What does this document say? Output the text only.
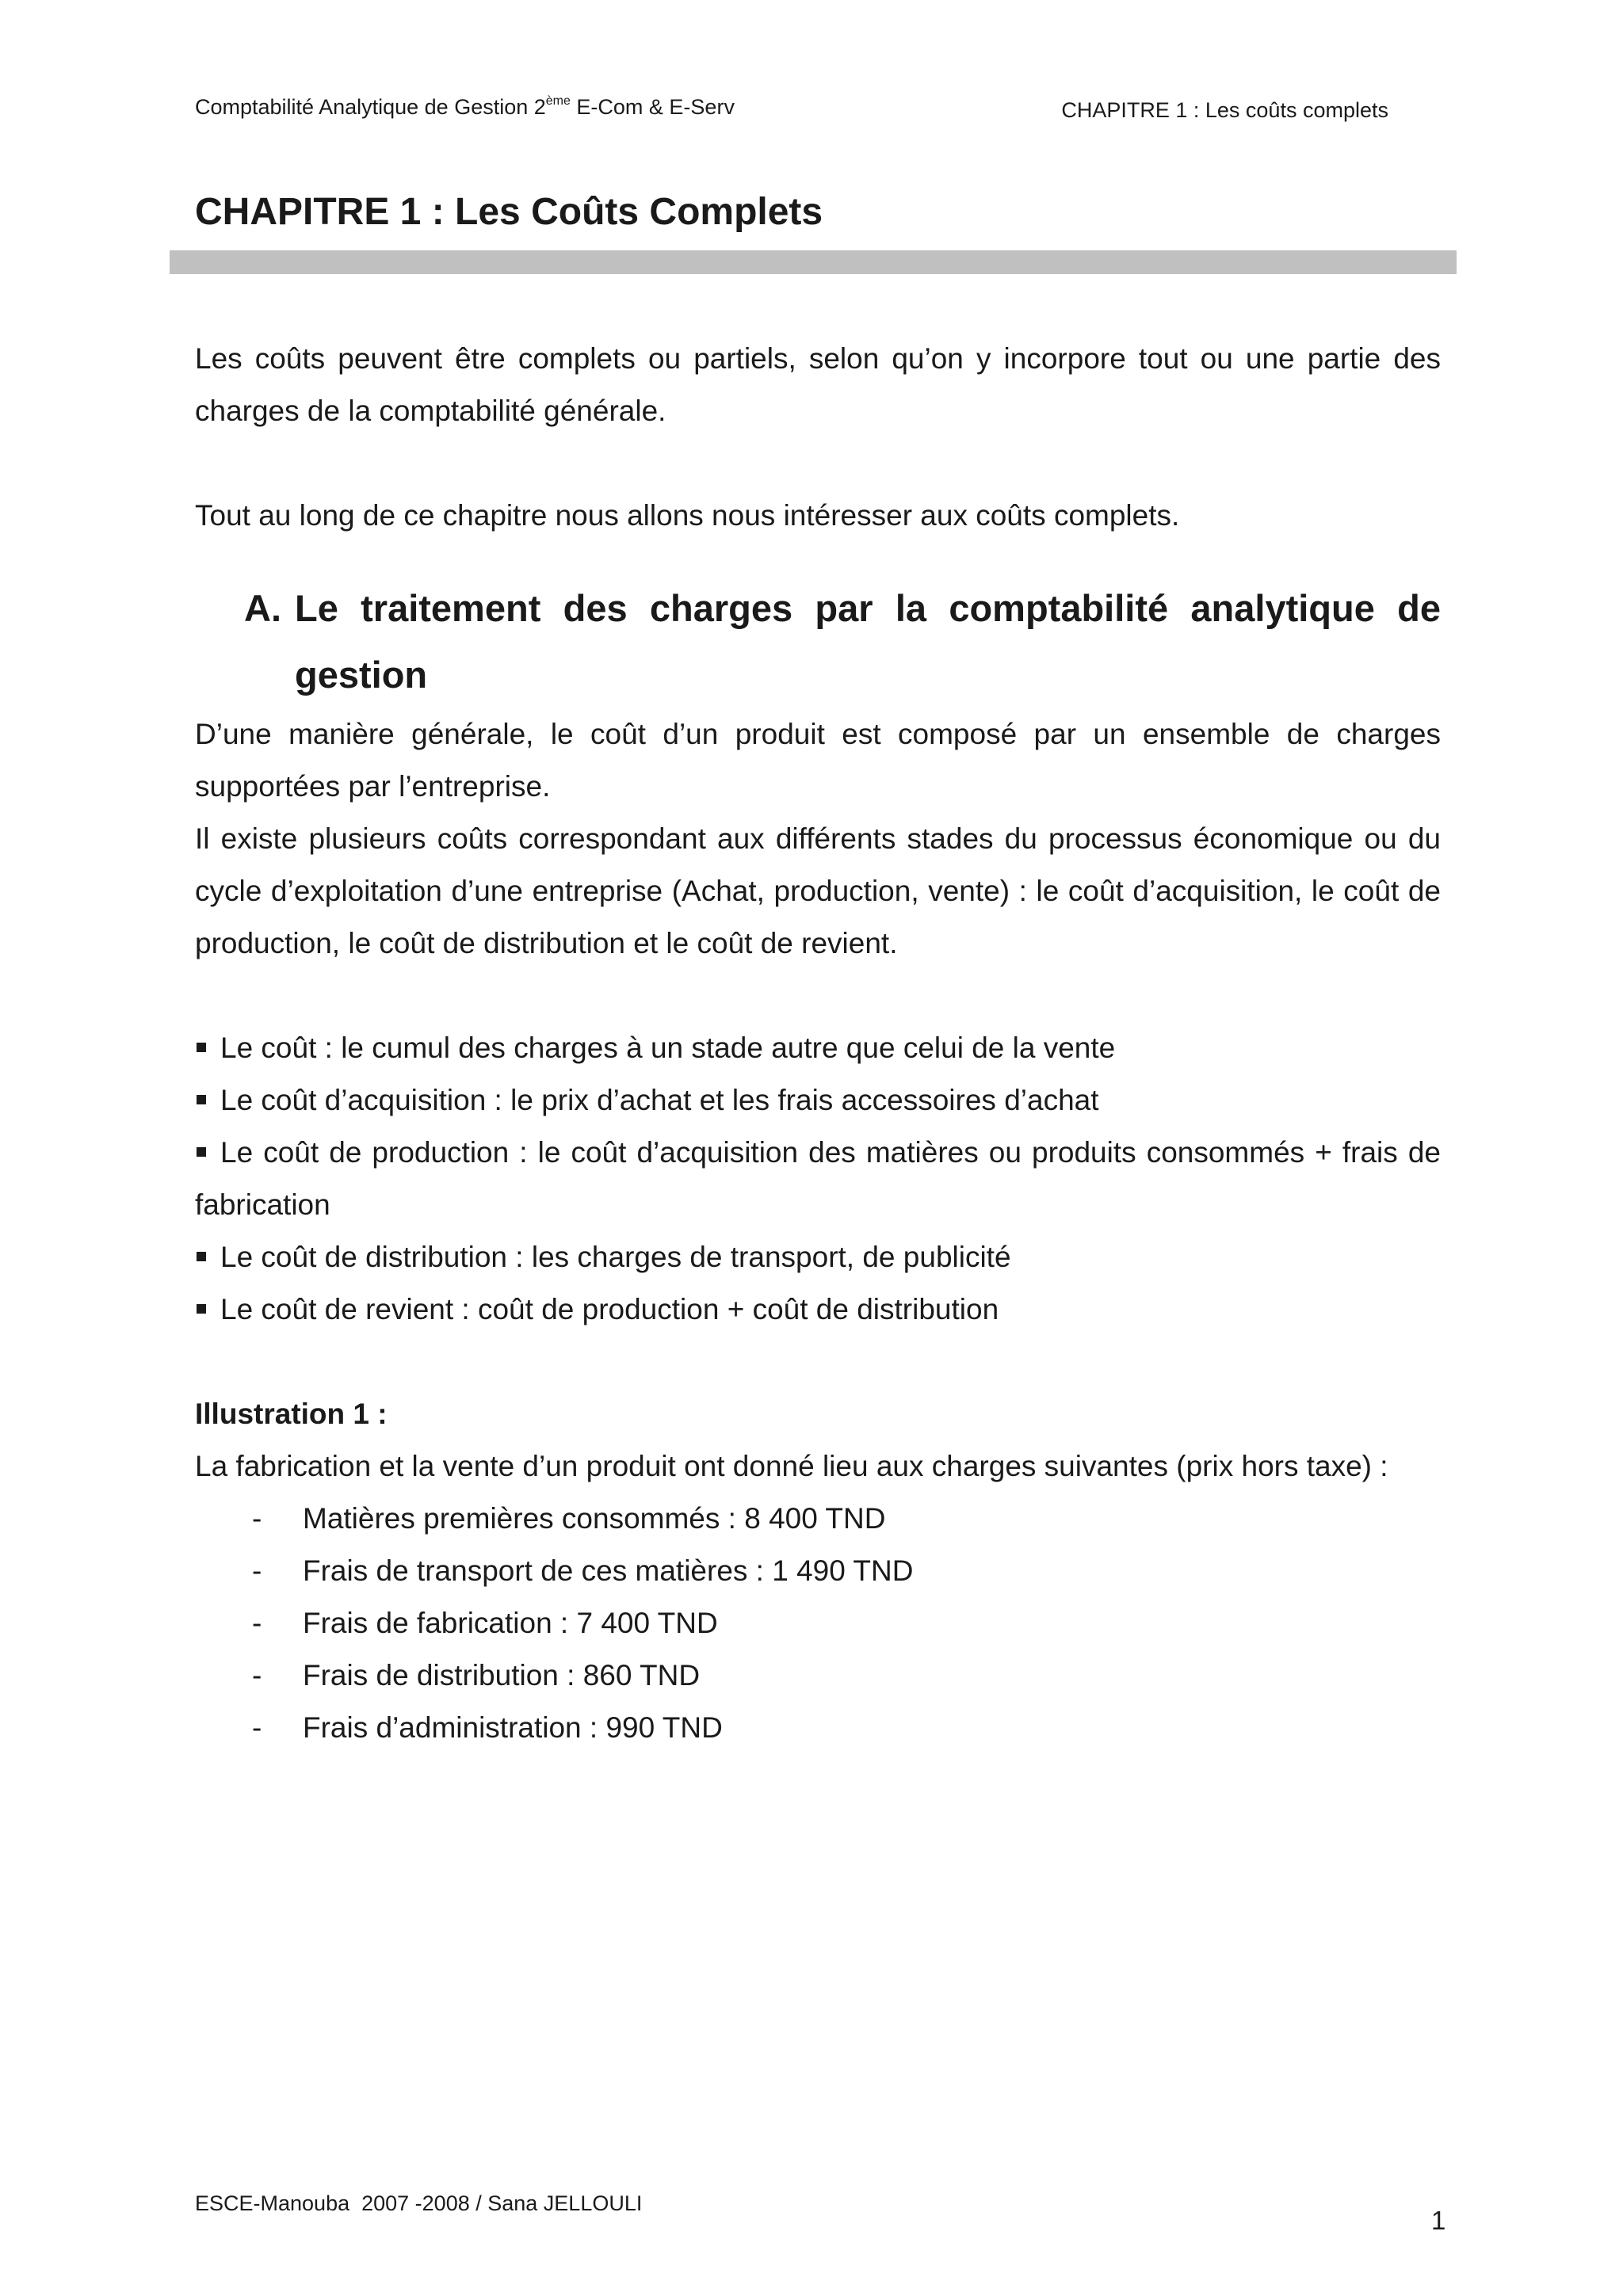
Comptabilité Analytique de Gestion 2ème E-Com & E-Serv	CHAPITRE 1 : Les coûts complets
CHAPITRE 1 : Les Coûts Complets

Les coûts peuvent être complets ou partiels, selon qu’on y incorpore tout ou une partie des charges de la comptabilité générale.

Tout au long de ce chapitre nous allons nous intéresser aux coûts complets.

A. Le traitement des charges par la comptabilité analytique de gestion

D’une manière générale, le coût d’un produit est composé par un ensemble de charges supportées par l’entreprise.

Il existe plusieurs coûts correspondant aux différents stades du processus économique ou du cycle d’exploitation d’une entreprise (Achat, production, vente) : le coût d’acquisition, le coût de production, le coût de distribution et le coût de revient.

Le coût : le cumul des charges à un stade autre que celui de la vente
Le coût d’acquisition : le prix d’achat et les frais accessoires d’achat
Le coût de production : le coût d’acquisition des matières ou produits consommés + frais de fabrication
Le coût de distribution : les charges de transport, de publicité
Le coût de revient : coût de production + coût de distribution

Illustration 1 :

La fabrication et la vente d’un produit ont donné lieu aux charges suivantes (prix hors taxe) :

-	Matières premières consommés : 8 400 TND
-	Frais de transport de ces matières : 1 490 TND
-	Frais de fabrication : 7 400 TND
-	Frais de distribution : 860 TND
-	Frais d’administration : 990 TND
ESCE-Manouba  2007 -2008 / Sana JELLOULI
1
